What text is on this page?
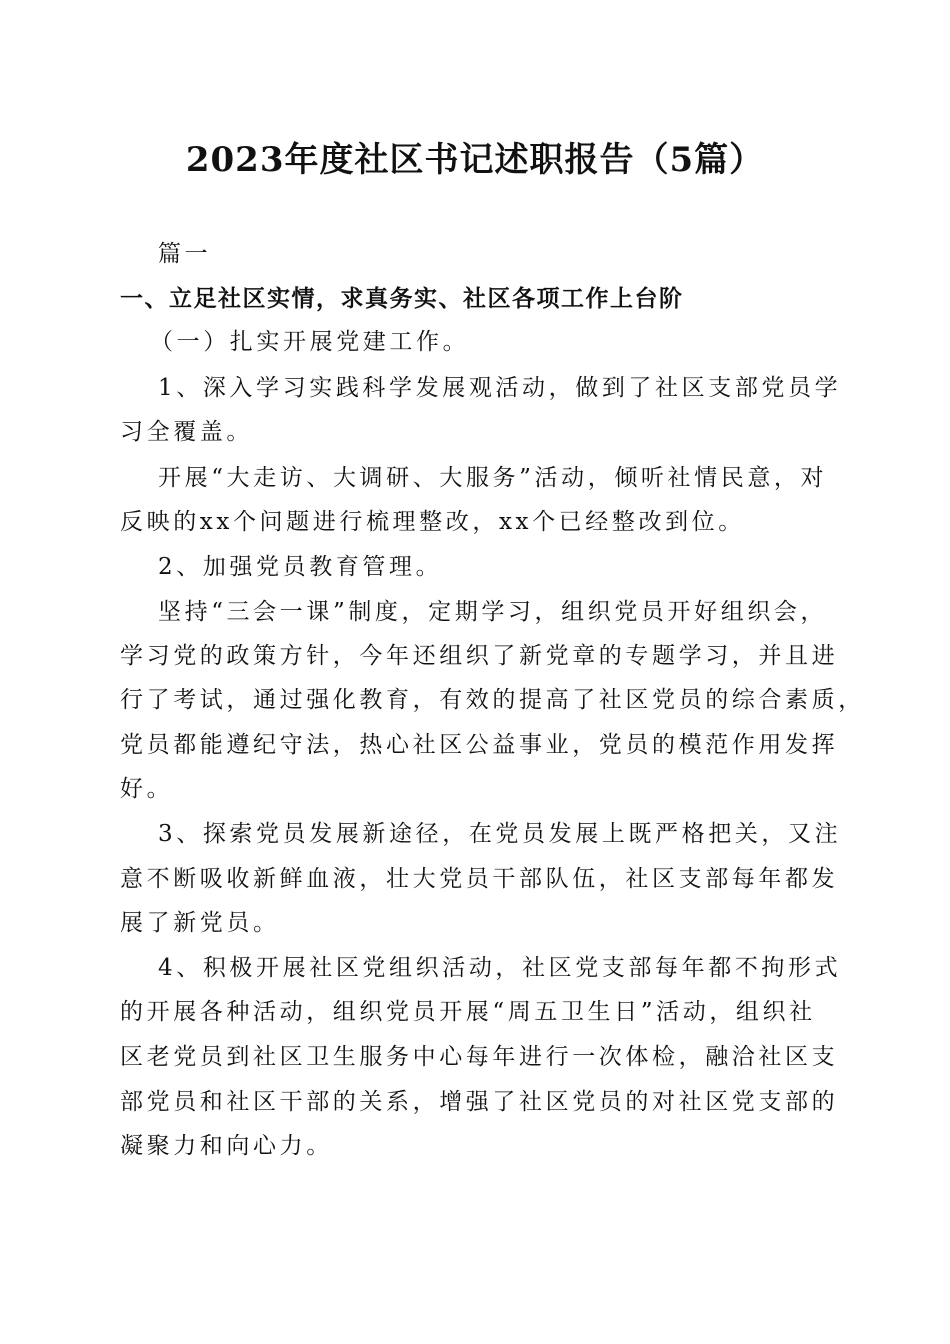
2023年度社区书记述职报告（5篇）
篇一
一、立足社区实情，求真务实、社区各项工作上台阶
（一）扎实开展党建工作。
1、深入学习实践科学发展观活动，做到了社区支部党员学
习全覆盖。
开展“大走访、大调研、大服务”活动，倾听社情民意，对
反映的xx个问题进行梳理整改，xx个已经整改到位。
2、加强党员教育管理。
坚持“三会一课”制度，定期学习，组织党员开好组织会，
学习党的政策方针，今年还组织了新党章的专题学习，并且进
行了考试，通过强化教育，有效的提高了社区党员的综合素质，
党员都能遵纪守法，热心社区公益事业，党员的模范作用发挥
好。
3、探索党员发展新途径，在党员发展上既严格把关，又注
意不断吸收新鲜血液，壮大党员干部队伍，社区支部每年都发
展了新党员。
4、积极开展社区党组织活动，社区党支部每年都不拘形式
的开展各种活动，组织党员开展“周五卫生日”活动，组织社
区老党员到社区卫生服务中心每年进行一次体检，融洽社区支
部党员和社区干部的关系，增强了社区党员的对社区党支部的
凝聚力和向心力。
